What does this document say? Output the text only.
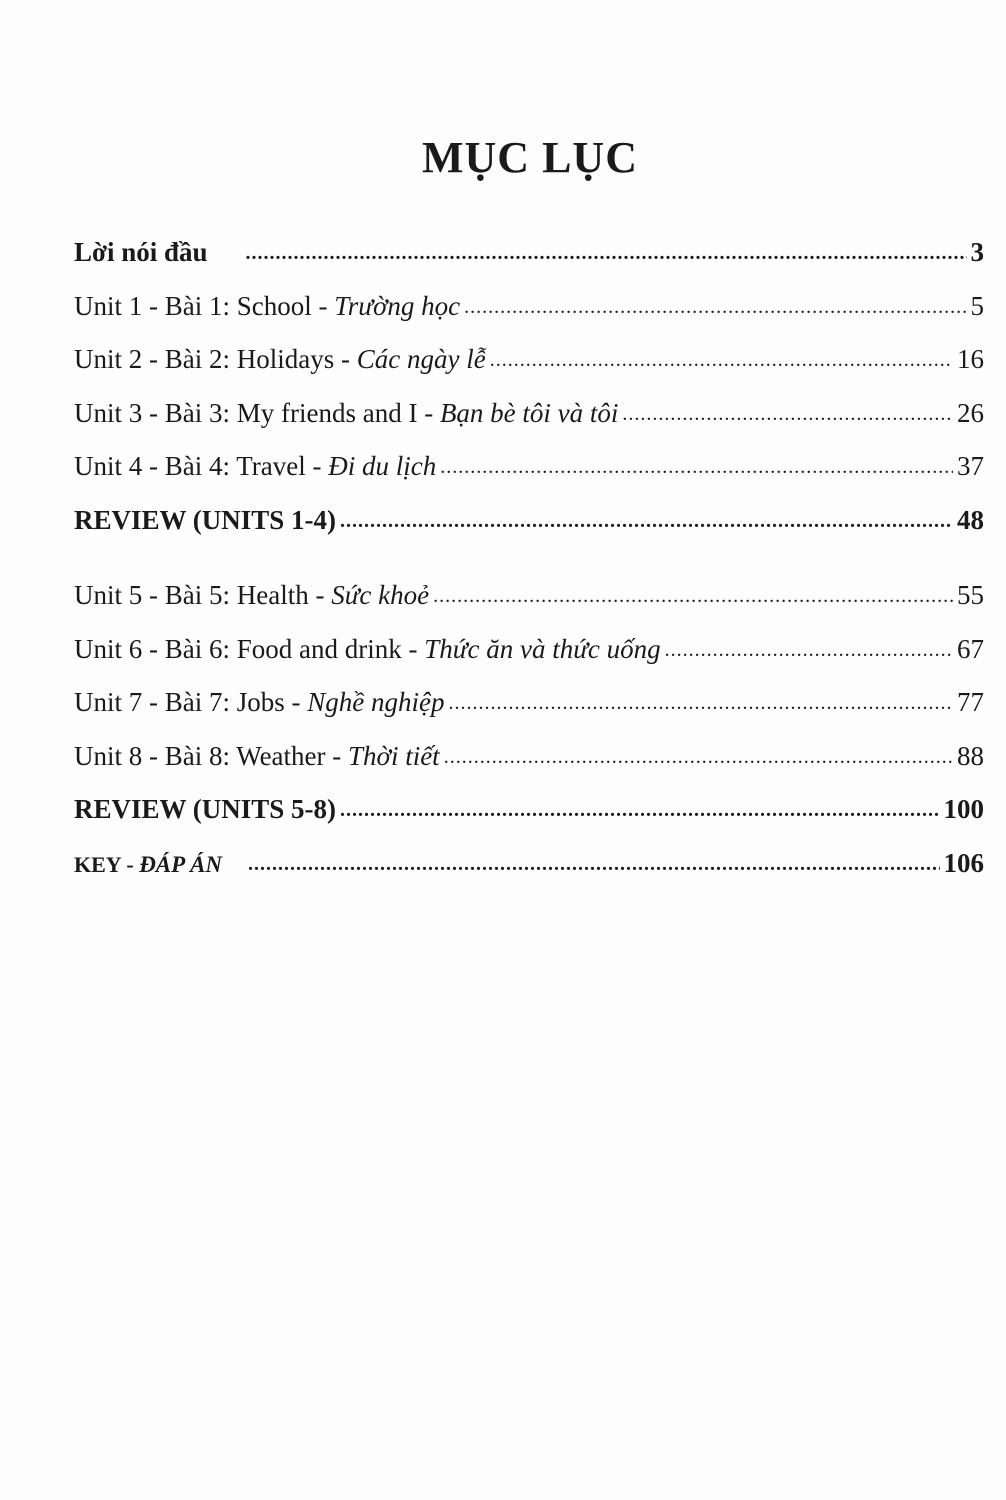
MỤC LỤC
Lời nói đầu .....	3
Unit 1 - Bài 1: School - Trường học .....	5
Unit 2 - Bài 2: Holidays - Các ngày lễ .....	16
Unit 3 - Bài 3: My friends and I - Bạn bè tôi và tôi .....	26
Unit 4 - Bài 4: Travel - Đi du lịch .....	37
REVIEW (UNITS 1-4) .....	48
Unit 5 - Bài 5: Health - Sức khoẻ .....	55
Unit 6 - Bài 6: Food and drink - Thức ăn và thức uống .....	67
Unit 7 - Bài 7: Jobs - Nghề nghiệp .....	77
Unit 8 - Bài 8: Weather - Thời tiết .....	88
REVIEW (UNITS 5-8) .....	100
KEY - ĐÁP ÁN .....	106
